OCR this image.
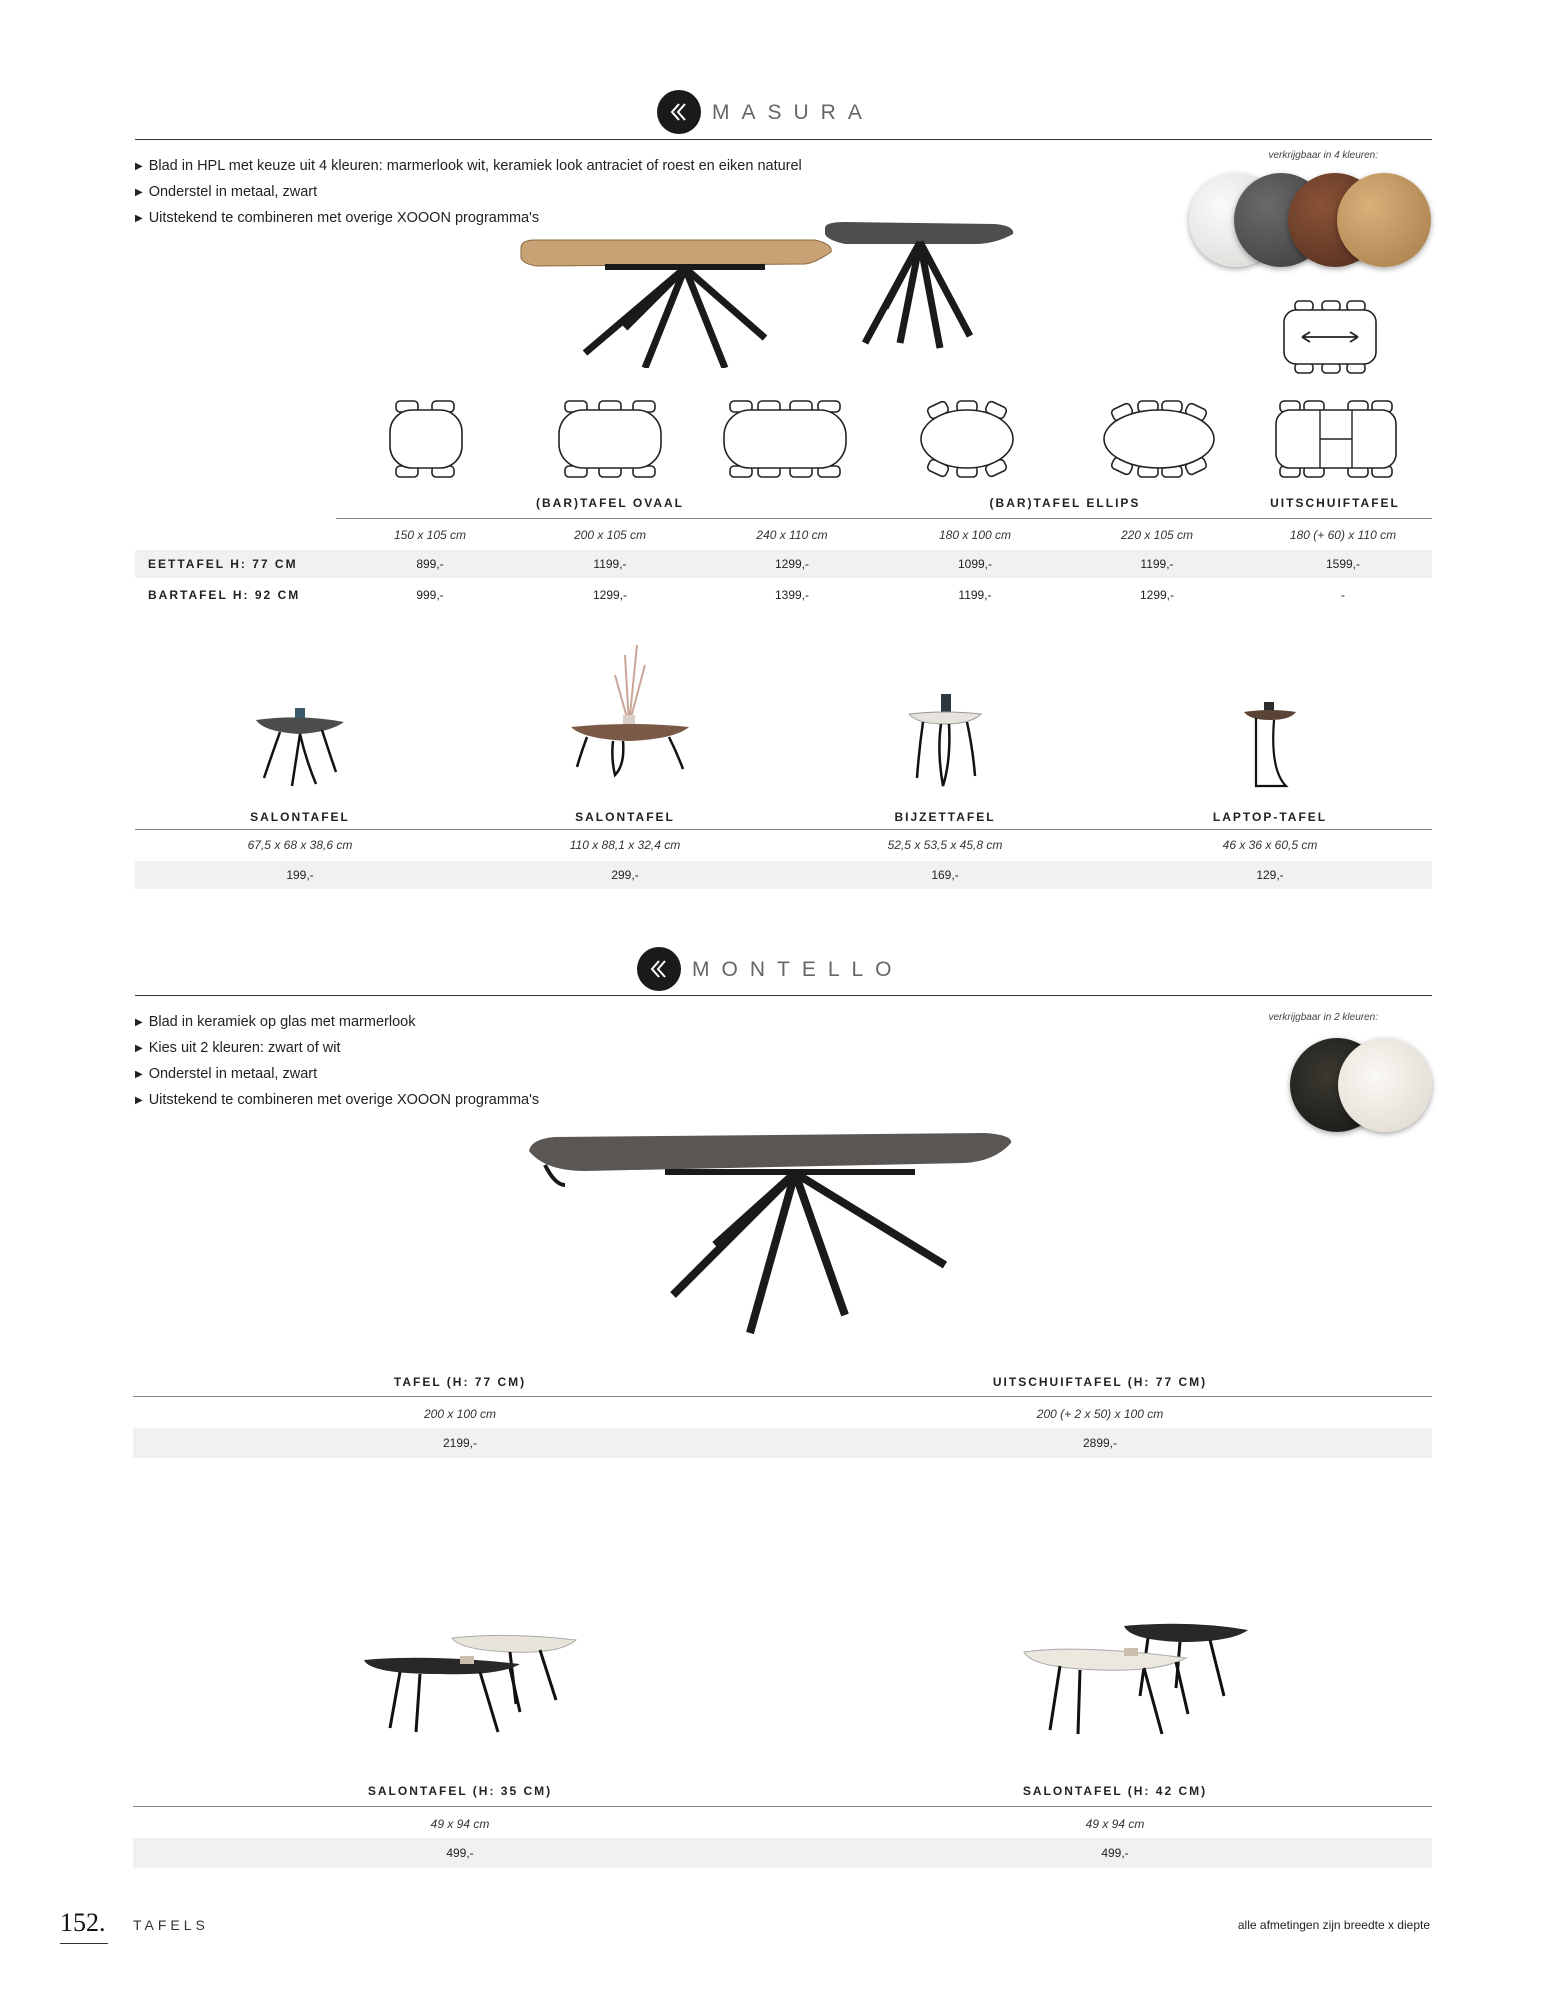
MASURA
▶ Blad in HPL met keuze uit 4 kleuren: marmerlook wit, keramiek look antraciet of roest en eiken naturel
▶ Onderstel in metaal, zwart
▶ Uitstekend te combineren met overige XOOON programma's
verkrijgbaar in 4 kleuren:
(BAR)TAFEL OVAAL	(BAR)TAFEL ELLIPS	UITSCHUIFTAFEL
150 x 105 cm	200 x 105 cm	240 x 110 cm	180 x 100 cm	220 x 105 cm	180 (+ 60) x 110 cm
EETTAFEL H: 77 CM	899,-	1199,-	1299,-	1099,-	1199,-	1599,-
BARTAFEL H: 92 CM	999,-	1299,-	1399,-	1199,-	1299,-	-
SALONTAFEL	SALONTAFEL	BIJZETTAFEL	LAPTOP-TAFEL
67,5 x 68 x 38,6 cm	110 x 88,1 x 32,4 cm	52,5 x 53,5 x 45,8 cm	46 x 36 x 60,5 cm
199,-	299,-	169,-	129,-
MONTELLO
▶ Blad in keramiek op glas met marmerlook
▶ Kies uit 2 kleuren: zwart of wit
▶ Onderstel in metaal, zwart
▶ Uitstekend te combineren met overige XOOON programma's
verkrijgbaar in 2 kleuren:
TAFEL (H: 77 CM)	UITSCHUIFTAFEL (H: 77 CM)
200 x 100 cm	200 (+ 2 x 50) x 100 cm
2199,-	2899,-
SALONTAFEL (H: 35 CM)	SALONTAFEL (H: 42 CM)
49 x 94 cm	49 x 94 cm
499,-	499,-
152. TAFELS	alle afmetingen zijn breedte x diepte
